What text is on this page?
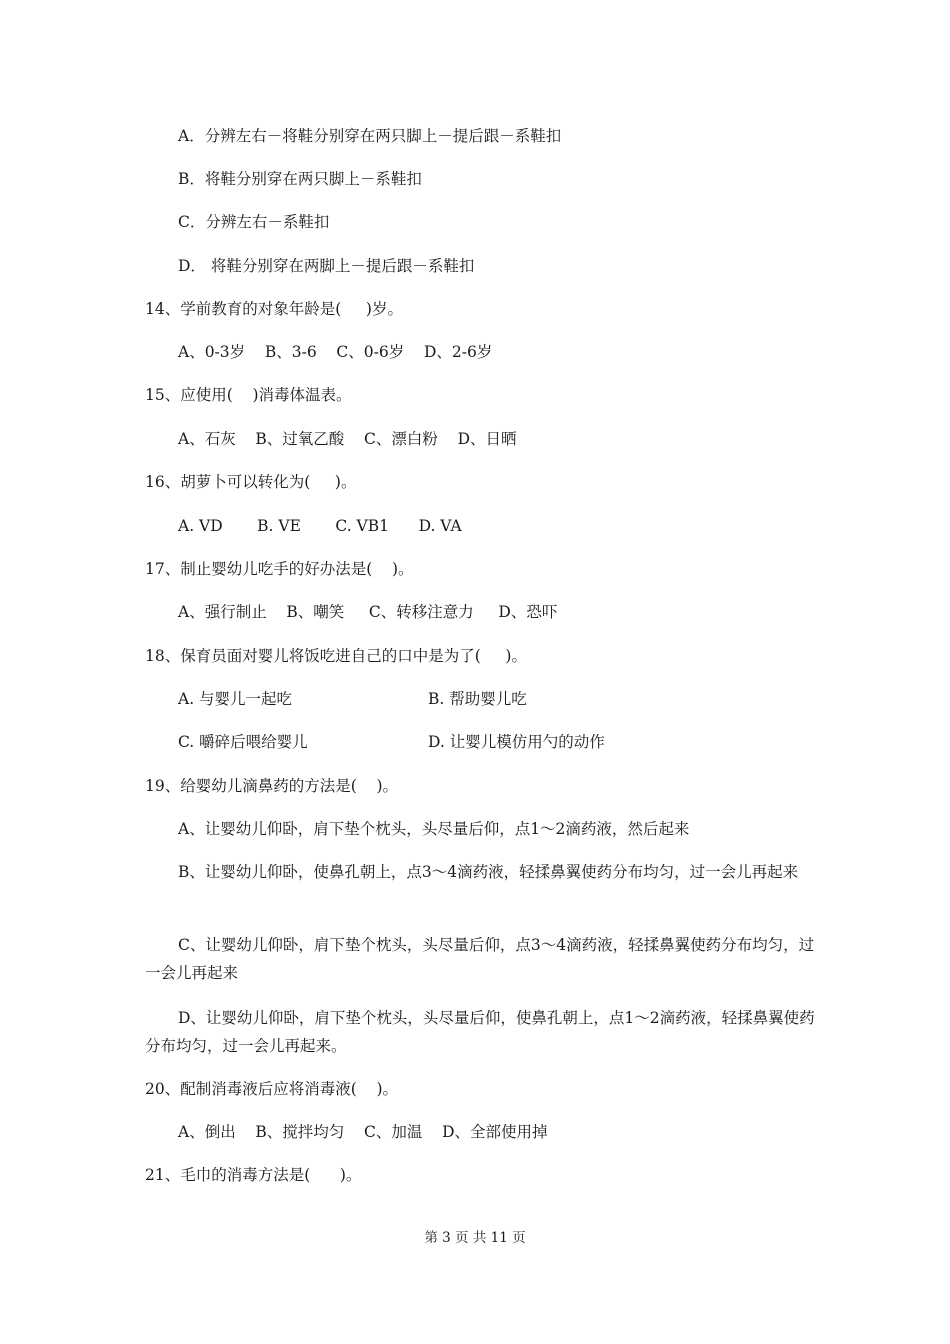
A．分辨左右－将鞋分别穿在两只脚上－提后跟－系鞋扣
B．将鞋分别穿在两只脚上－系鞋扣
C．分辨左右－系鞋扣
D． 将鞋分别穿在两脚上－提后跟－系鞋扣
14、学前教育的对象年龄是(     )岁。
A、0-3岁    B、3-6    C、0-6岁    D、2-6岁
15、应使用(    )消毒体温表。
A、石灰    B、过氧乙酸    C、漂白粉    D、日晒
16、胡萝卜可以转化为(     )。
A. VD       B. VE       C. VB1      D. VA
17、制止婴幼儿吃手的好办法是(    )。
A、强行制止    B、嘲笑     C、转移注意力     D、恐吓
18、保育员面对婴儿将饭吃进自己的口中是为了(     )。
A. 与婴儿一起吃	B. 帮助婴儿吃
C. 嚼碎后喂给婴儿	D. 让婴儿模仿用勺的动作
19、给婴幼儿滴鼻药的方法是(    )。
A、让婴幼儿仰卧，肩下垫个枕头，头尽量后仰，点1～2滴药液，然后起来
B、让婴幼儿仰卧，使鼻孔朝上，点3～4滴药液，轻揉鼻翼使药分布均匀，过一会儿再起来
C、让婴幼儿仰卧，肩下垫个枕头，头尽量后仰，点3～4滴药液，轻揉鼻翼使药分布均匀，过一会儿再起来
D、让婴幼儿仰卧，肩下垫个枕头，头尽量后仰，使鼻孔朝上，点1～2滴药液，轻揉鼻翼使药分布均匀，过一会儿再起来。
20、配制消毒液后应将消毒液(    )。
A、倒出    B、搅拌均匀    C、加温    D、全部使用掉
21、毛巾的消毒方法是(      )。
第 3 页 共 11 页
